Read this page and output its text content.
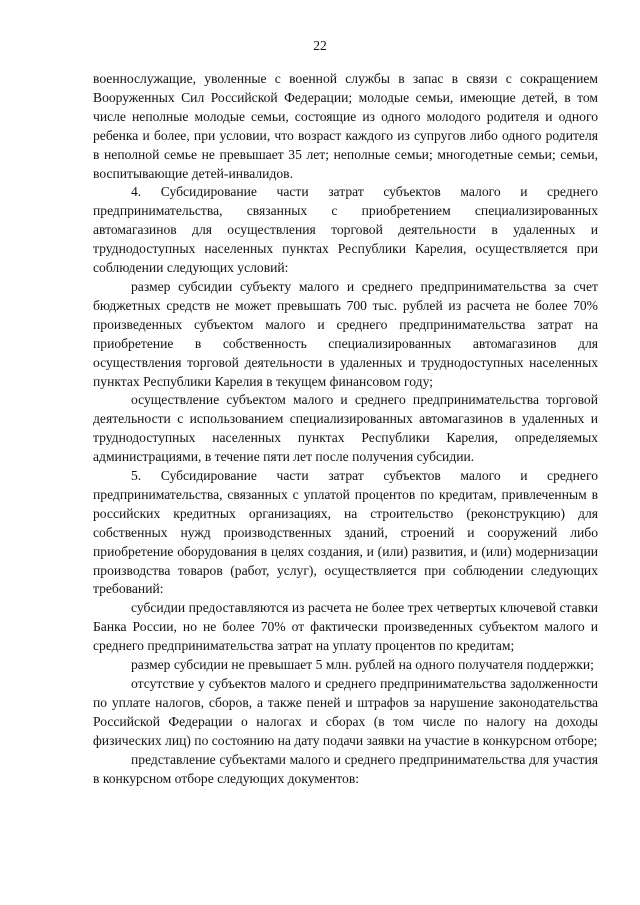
22

военнослужащие, уволенные с военной службы в запас в связи с сокращением Вооруженных Сил Российской Федерации; молодые семьи, имеющие детей, в том числе неполные молодые семьи, состоящие из одного молодого родителя и одного ребенка и более, при условии, что возраст каждого из супругов либо одного родителя в неполной семье не превышает 35 лет; неполные семьи; многодетные семьи; семьи, воспитывающие детей-инвалидов.

4. Субсидирование части затрат субъектов малого и среднего предпринимательства, связанных с приобретением специализированных автомагазинов для осуществления торговой деятельности в удаленных и труднодоступных населенных пунктах Республики Карелия, осуществляется при соблюдении следующих условий:

размер субсидии субъекту малого и среднего предпринимательства за счет бюджетных средств не может превышать 700 тыс. рублей из расчета не более 70% произведенных субъектом малого и среднего предпринимательства затрат на приобретение в собственность специализированных автомагазинов для осуществления торговой деятельности в удаленных и труднодоступных населенных пунктах Республики Карелия в текущем финансовом году;

осуществление субъектом малого и среднего предпринимательства торговой деятельности с использованием специализированных автомагазинов в удаленных и труднодоступных населенных пунктах Республики Карелия, определяемых администрациями, в течение пяти лет после получения субсидии.

5. Субсидирование части затрат субъектов малого и среднего предпринимательства, связанных с уплатой процентов по кредитам, привлеченным в российских кредитных организациях, на строительство (реконструкцию) для собственных нужд производственных зданий, строений и сооружений либо приобретение оборудования в целях создания, и (или) развития, и (или) модернизации производства товаров (работ, услуг), осуществляется при соблюдении следующих требований:

субсидии предоставляются из расчета не более трех четвертых ключевой ставки Банка России, но не более 70% от фактически произведенных субъектом малого и среднего предпринимательства затрат на уплату процентов по кредитам;

размер субсидии не превышает 5 млн. рублей на одного получателя поддержки;

отсутствие у субъектов малого и среднего предпринимательства задолженности по уплате налогов, сборов, а также пеней и штрафов за нарушение законодательства Российской Федерации о налогах и сборах (в том числе по налогу на доходы физических лиц) по состоянию на дату подачи заявки на участие в конкурсном отборе;

представление субъектами малого и среднего предпринимательства для участия в конкурсном отборе следующих документов:
